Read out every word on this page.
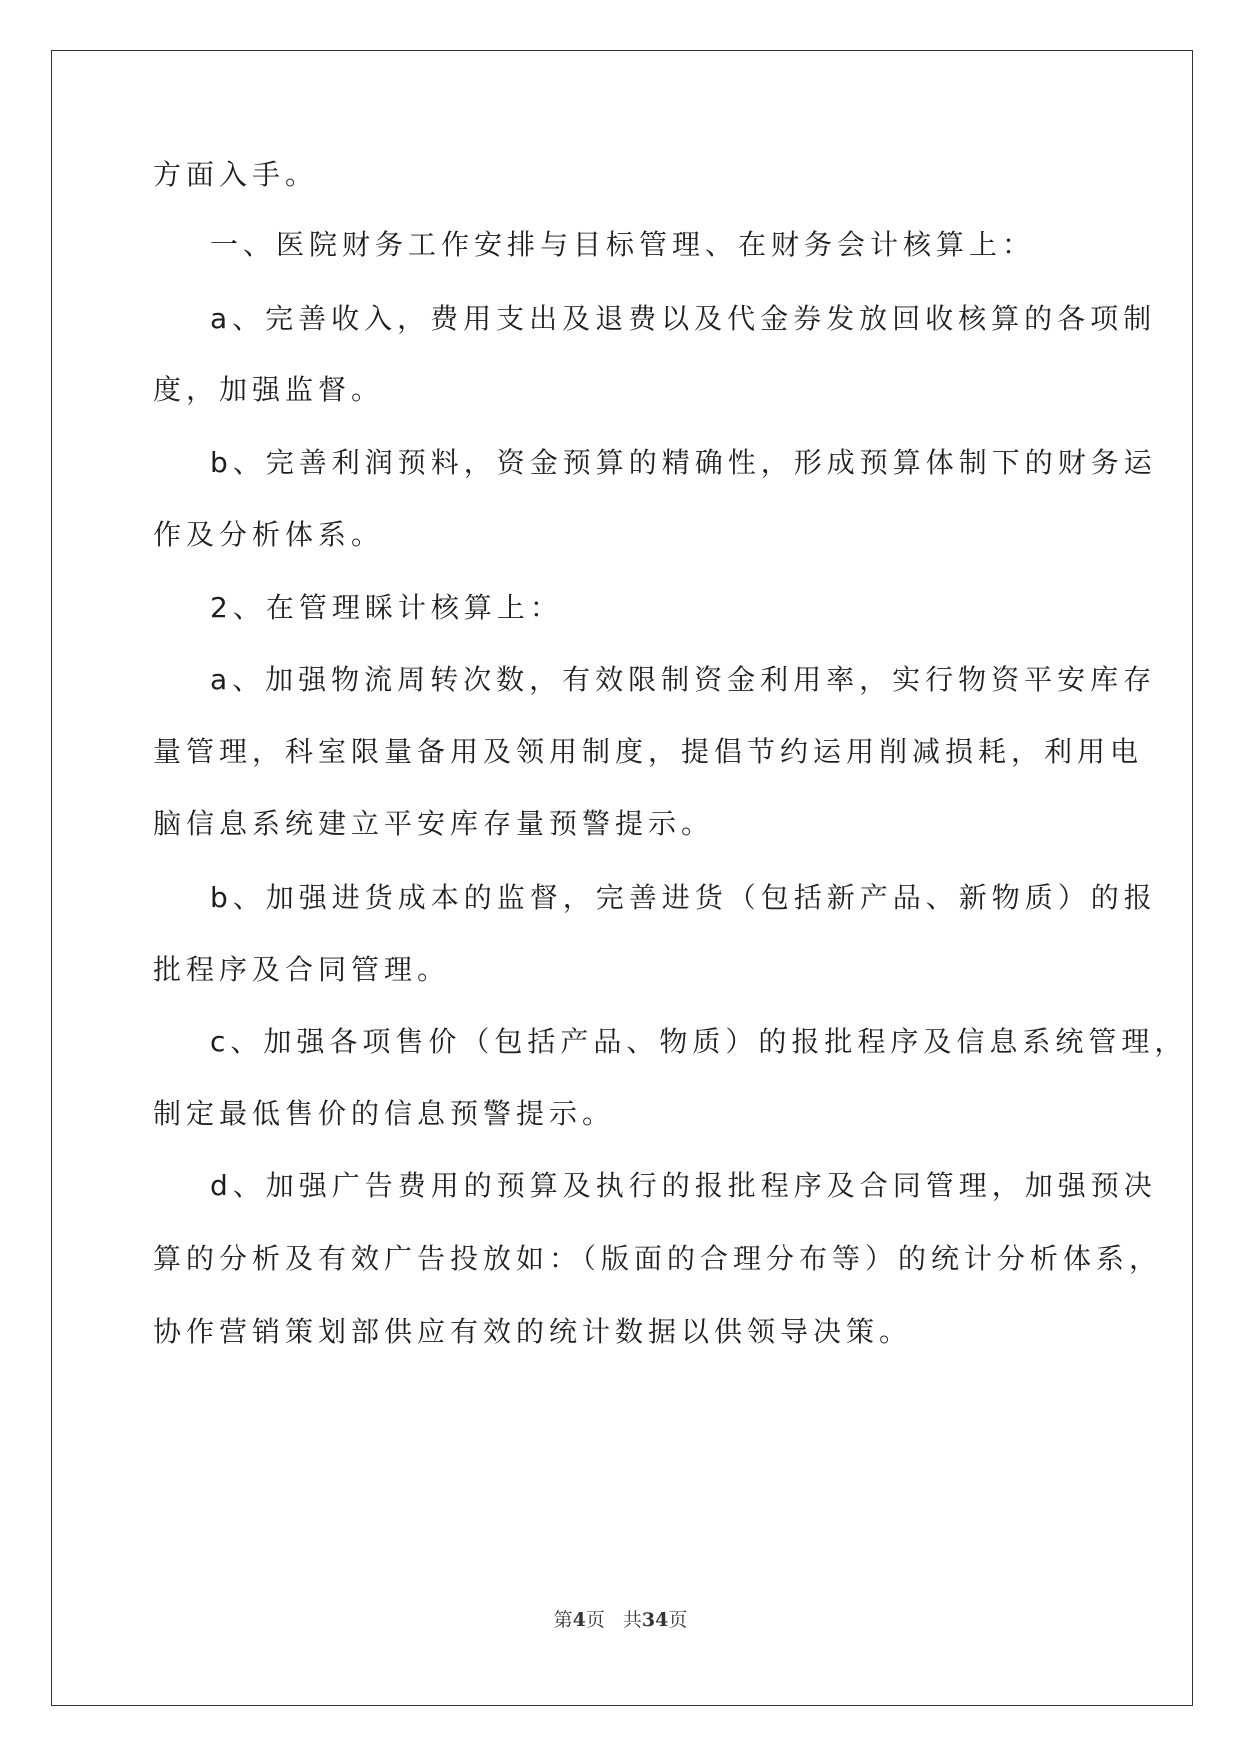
方面入手。
一、医院财务工作安排与目标管理、在财务会计核算上：
a、完善收入，费用支出及退费以及代金券发放回收核算的各项制
度，加强监督。
b、完善利润预料，资金预算的精确性，形成预算体制下的财务运
作及分析体系。
2、在管理睬计核算上：
a、加强物流周转次数，有效限制资金利用率，实行物资平安库存
量管理，科室限量备用及领用制度，提倡节约运用削减损耗，利用电
脑信息系统建立平安库存量预警提示。
b、加强进货成本的监督，完善进货（包括新产品、新物质）的报
批程序及合同管理。
c、加强各项售价（包括产品、物质）的报批程序及信息系统管理，
制定最低售价的信息预警提示。
d、加强广告费用的预算及执行的报批程序及合同管理，加强预决
算的分析及有效广告投放如：（版面的合理分布等）的统计分析体系，
协作营销策划部供应有效的统计数据以供领导决策。
第4页 共34页
